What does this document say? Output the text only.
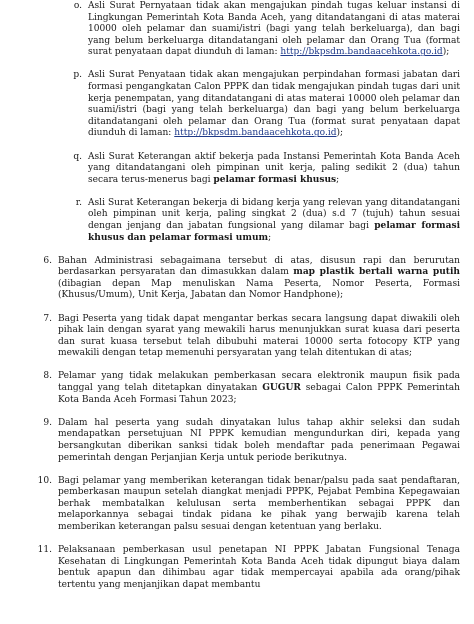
o. Asli Surat Pernyataan tidak akan mengajukan pindah tugas keluar instansi di Lingkungan Pemerintah Kota Banda Aceh, yang ditandatangani di atas materai 10000 oleh pelamar dan suami/istri (bagi yang telah berkeluarga), dan bagi yang belum berkeluarga ditandatangani oleh pelamar dan Orang Tua (format surat penyataan dapat diunduh di laman: http://bkpsdm.bandaacehkota.go.id);
p. Asli Surat Penyataan tidak akan mengajukan perpindahan formasi jabatan dari formasi pengangkatan Calon PPPK dan tidak mengajukan pindah tugas dari unit kerja penempatan, yang ditandatangani di atas materai 10000 oleh pelamar dan suami/istri (bagi yang telah berkeluarga) dan bagi yang belum berkeluarga ditandatangani oleh pelamar dan Orang Tua (format surat penyataan dapat diunduh di laman: http://bkpsdm.bandaacehkota.go.id);
q. Asli Surat Keterangan aktif bekerja pada Instansi Pemerintah Kota Banda Aceh yang ditandatangani oleh pimpinan unit kerja, paling sedikit 2 (dua) tahun secara terus-menerus bagi pelamar formasi khusus;
r. Asli Surat Keterangan bekerja di bidang kerja yang relevan yang ditandatangani oleh pimpinan unit kerja, paling singkat 2 (dua) s.d 7 (tujuh) tahun sesuai dengan jenjang dan jabatan fungsional yang dilamar bagi pelamar formasi khusus dan pelamar formasi umum;
6. Bahan Administrasi sebagaimana tersebut di atas, disusun rapi dan berurutan berdasarkan persyaratan dan dimasukkan dalam map plastik bertali warna putih (dibagian depan Map menuliskan Nama Peserta, Nomor Peserta, Formasi (Khusus/Umum), Unit Kerja, Jabatan dan Nomor Handphone);
7. Bagi Peserta yang tidak dapat mengantar berkas secara langsung dapat diwakili oleh pihak lain dengan syarat yang mewakili harus menunjukkan surat kuasa dari peserta dan surat kuasa tersebut telah dibubuhi materai 10000 serta fotocopy KTP yang mewakili dengan tetap memenuhi persyaratan yang telah ditentukan di atas;
8. Pelamar yang tidak melakukan pemberkasan secara elektronik maupun fisik pada tanggal yang telah ditetapkan dinyatakan GUGUR sebagai Calon PPPK Pemerintah Kota Banda Aceh Formasi Tahun 2023;
9. Dalam hal peserta yang sudah dinyatakan lulus tahap akhir seleksi dan sudah mendapatkan persetujuan NI PPPK kemudian mengundurkan diri, kepada yang bersangkutan diberikan sanksi tidak boleh mendaftar pada penerimaan Pegawai pemerintah dengan Perjanjian Kerja untuk periode berikutnya.
10. Bagi pelamar yang memberikan keterangan tidak benar/palsu pada saat pendaftaran, pemberkasan maupun setelah diangkat menjadi PPPK, Pejabat Pembina Kepegawaian berhak membatalkan kelulusan serta memberhentikan sebagai PPPK dan melaporkannya sebagai tindak pidana ke pihak yang berwajib karena telah memberikan keterangan palsu sesuai dengan ketentuan yang berlaku.
11. Pelaksanaan pemberkasan usul penetapan NI PPPK Jabatan Fungsional Tenaga Kesehatan di Lingkungan Pemerintah Kota Banda Aceh tidak dipungut biaya dalam bentuk apapun dan dihimbau agar tidak mempercayai apabila ada orang/pihak tertentu yang menjanjikan dapat membantu
